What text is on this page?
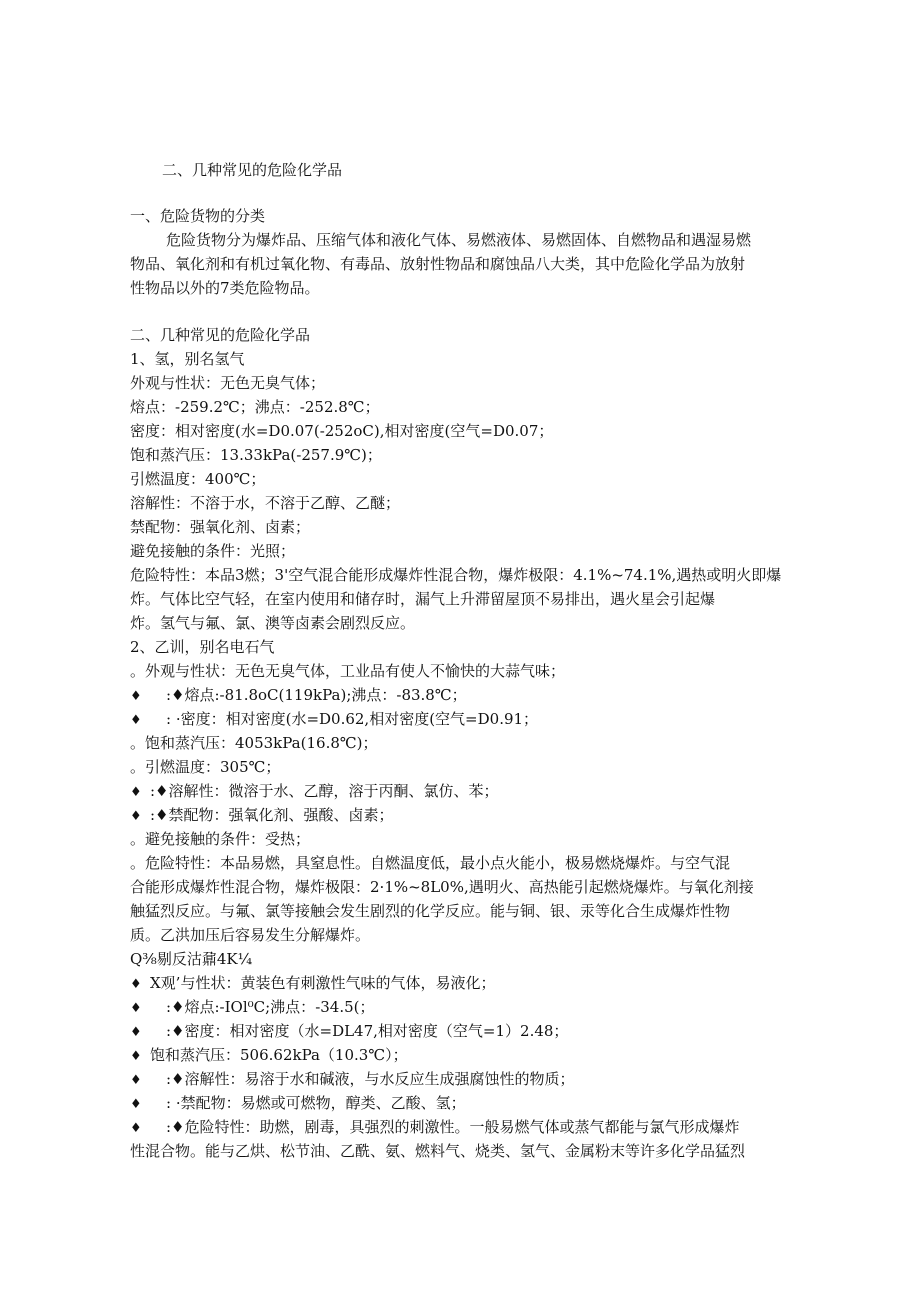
二、几种常见的危险化学品
一、危险货物的分类
危险货物分为爆炸品、压缩气体和液化气体、易燃液体、易燃固体、自燃物品和遇湿易燃
物品、氧化剂和有机过氧化物、有毒品、放射性物品和腐蚀品八大类，其中危险化学品为放射
性物品以外的7类危险物品。
二、几种常见的危险化学品
1、氢，别名氢气
外观与性状：无色无臭气体；
熔点：-259.2℃；沸点：-252.8℃；
密度：相对密度(水=D0.07(-252oC),相对密度(空气=D0.07；
饱和蒸汽压：13.33kPa(-257.9℃)；
引燃温度：400℃；
溶解性：不溶于水，不溶于乙醇、乙醚；
禁配物：强氧化剂、卤素；
避免接触的条件：光照；
危险特性：本品3燃；3'空气混合能形成爆炸性混合物，爆炸极限：4.1%~74.1%,遇热或明火即爆
炸。气体比空气轻，在室内使用和储存时，漏气上升滞留屋顶不易排出，遇火星会引起爆
炸。氢气与氟、氯、澳等卤素会剧烈反应。
2、乙训，别名电石气
。外观与性状：无色无臭气体，工业品有使人不愉快的大蒜气味；
♦ :♦熔点:-81.8oC(119kPa);沸点：-83.8℃；
♦ : ·密度：相对密度(水=D0.62,相对密度(空气=D0.91；
。饱和蒸汽压：4053kPa(16.8℃)；
。引燃温度：305℃；
♦ :♦溶解性：微溶于水、乙醇，溶于丙酮、氯仿、苯；
♦ :♦禁配物：强氧化剂、强酸、卤素；
。避免接触的条件：受热；
。危险特性：本品易燃，具窒息性。自燃温度低，最小点火能小，极易燃烧爆炸。与空气混
合能形成爆炸性混合物，爆炸极限：2·1%~8L0%,遇明火、高热能引起燃烧爆炸。与氧化剂接
触猛烈反应。与氟、氯等接触会发生剧烈的化学反应。能与铜、银、汞等化合生成爆炸性物
质。乙洪加压后容易发生分解爆炸。
Q⅜剔反沽鼐4K¼
♦ X观’与性状：黄装色有刺激性气味的气体，易液化；
♦ :♦熔点:-IOl⁰C;沸点：-34.5(；
♦ :♦密度：相对密度（水=DL47,相对密度（空气=1）2.48；
♦ 饱和蒸汽压：506.62kPa（10.3℃）；
♦ :♦溶解性：易溶于水和碱液，与水反应生成强腐蚀性的物质；
♦ : ·禁配物：易燃或可燃物，醇类、乙酸、氢；
♦ :♦危险特性：助燃，剧毒，具强烈的刺激性。一般易燃气体或蒸气都能与氯气形成爆炸
性混合物。能与乙烘、松节油、乙酰、氨、燃料气、烧类、氢气、金属粉末等许多化学品猛烈
